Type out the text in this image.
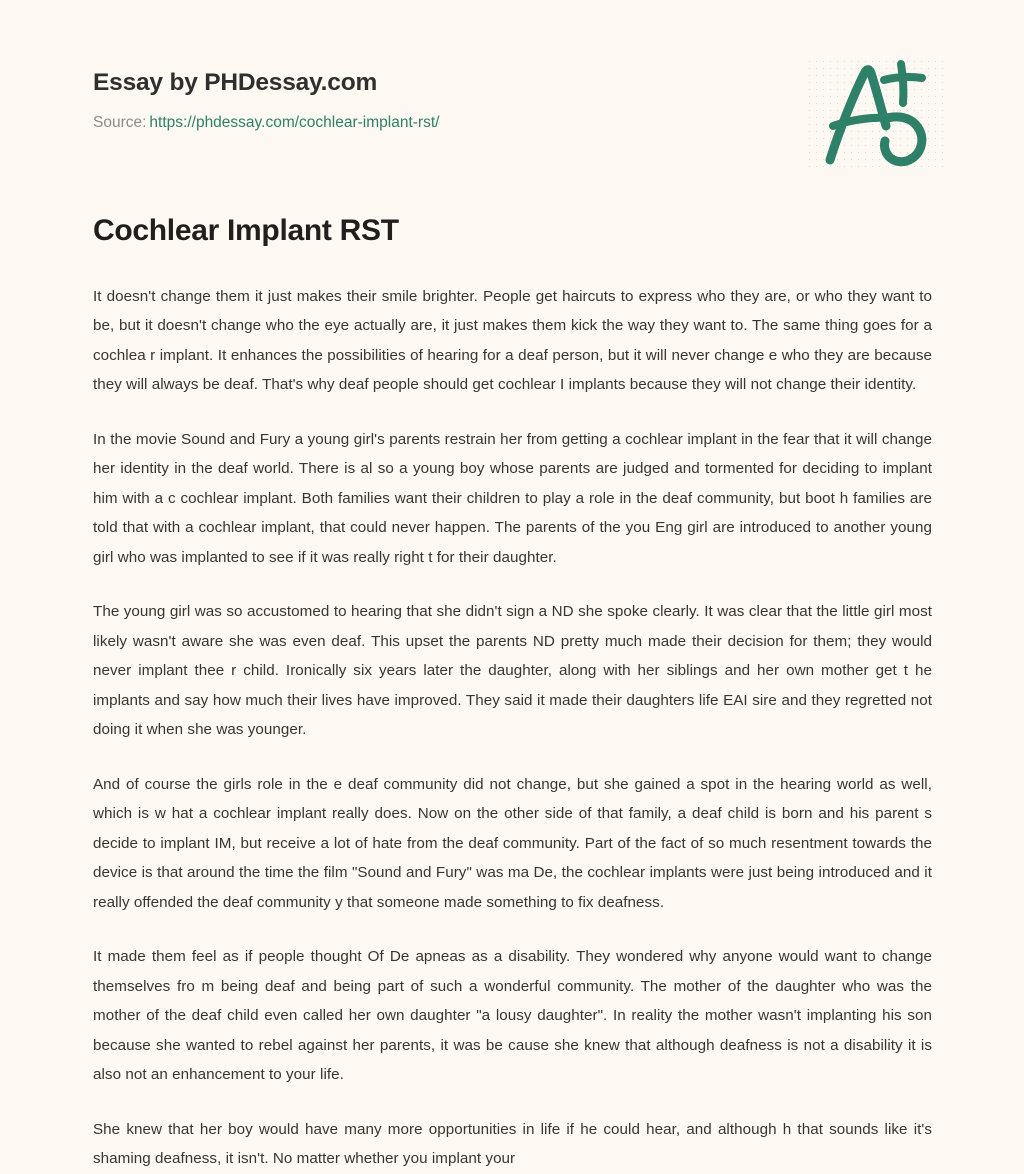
Essay by PHDessay.com
Source: https://phdessay.com/cochlear-implant-rst/
Cochlear Implant RST

It doesn't change them it just makes their smile brighter. People get haircuts to express who they are, or who they want to be, but it doesn't change who the eye actually are, it just makes them kick the way they want to. The same thing goes for a cochlea r implant. It enhances the possibilities of hearing for a deaf person, but it will never change e who they are because they will always be deaf. That's why deaf people should get cochlear I implants because they will not change their identity.

In the movie Sound and Fury a young girl's parents restrain her from getting a cochlear implant in the fear that it will change her identity in the deaf world. There is al so a young boy whose parents are judged and tormented for deciding to implant him with a c cochlear implant. Both families want their children to play a role in the deaf community, but boot h families are told that with a cochlear implant, that could never happen. The parents of the you Eng girl are introduced to another young girl who was implanted to see if it was really right t for their daughter.

The young girl was so accustomed to hearing that she didn't sign a ND she spoke clearly. It was clear that the little girl most likely wasn't aware she was even deaf. This upset the parents ND pretty much made their decision for them; they would never implant thee r child. Ironically six years later the daughter, along with her siblings and her own mother get t he implants and say how much their lives have improved. They said it made their daughters life EAI sire and they regretted not doing it when she was younger.

And of course the girls role in the e deaf community did not change, but she gained a spot in the hearing world as well, which is w hat a cochlear implant really does. Now on the other side of that family, a deaf child is born and his parent s decide to implant IM, but receive a lot of hate from the deaf community. Part of the fact of so much resentment towards the device is that around the time the film "Sound and Fury" was ma De, the cochlear implants were just being introduced and it really offended the deaf community y that someone made something to fix deafness.

It made them feel as if people thought Of De apneas as a disability. They wondered why anyone would want to change themselves fro m being deaf and being part of such a wonderful community. The mother of the daughter who was the mother of the deaf child even called her own daughter "a lousy daughter". In reality the mother wasn't implanting his son because she wanted to rebel against her parents, it was be cause she knew that although deafness is not a disability it is also not an enhancement to your life.

She knew that her boy would have many more opportunities in life if he could hear, and although h that sounds like it's shaming deafness, it isn't. No matter whether you implant your
